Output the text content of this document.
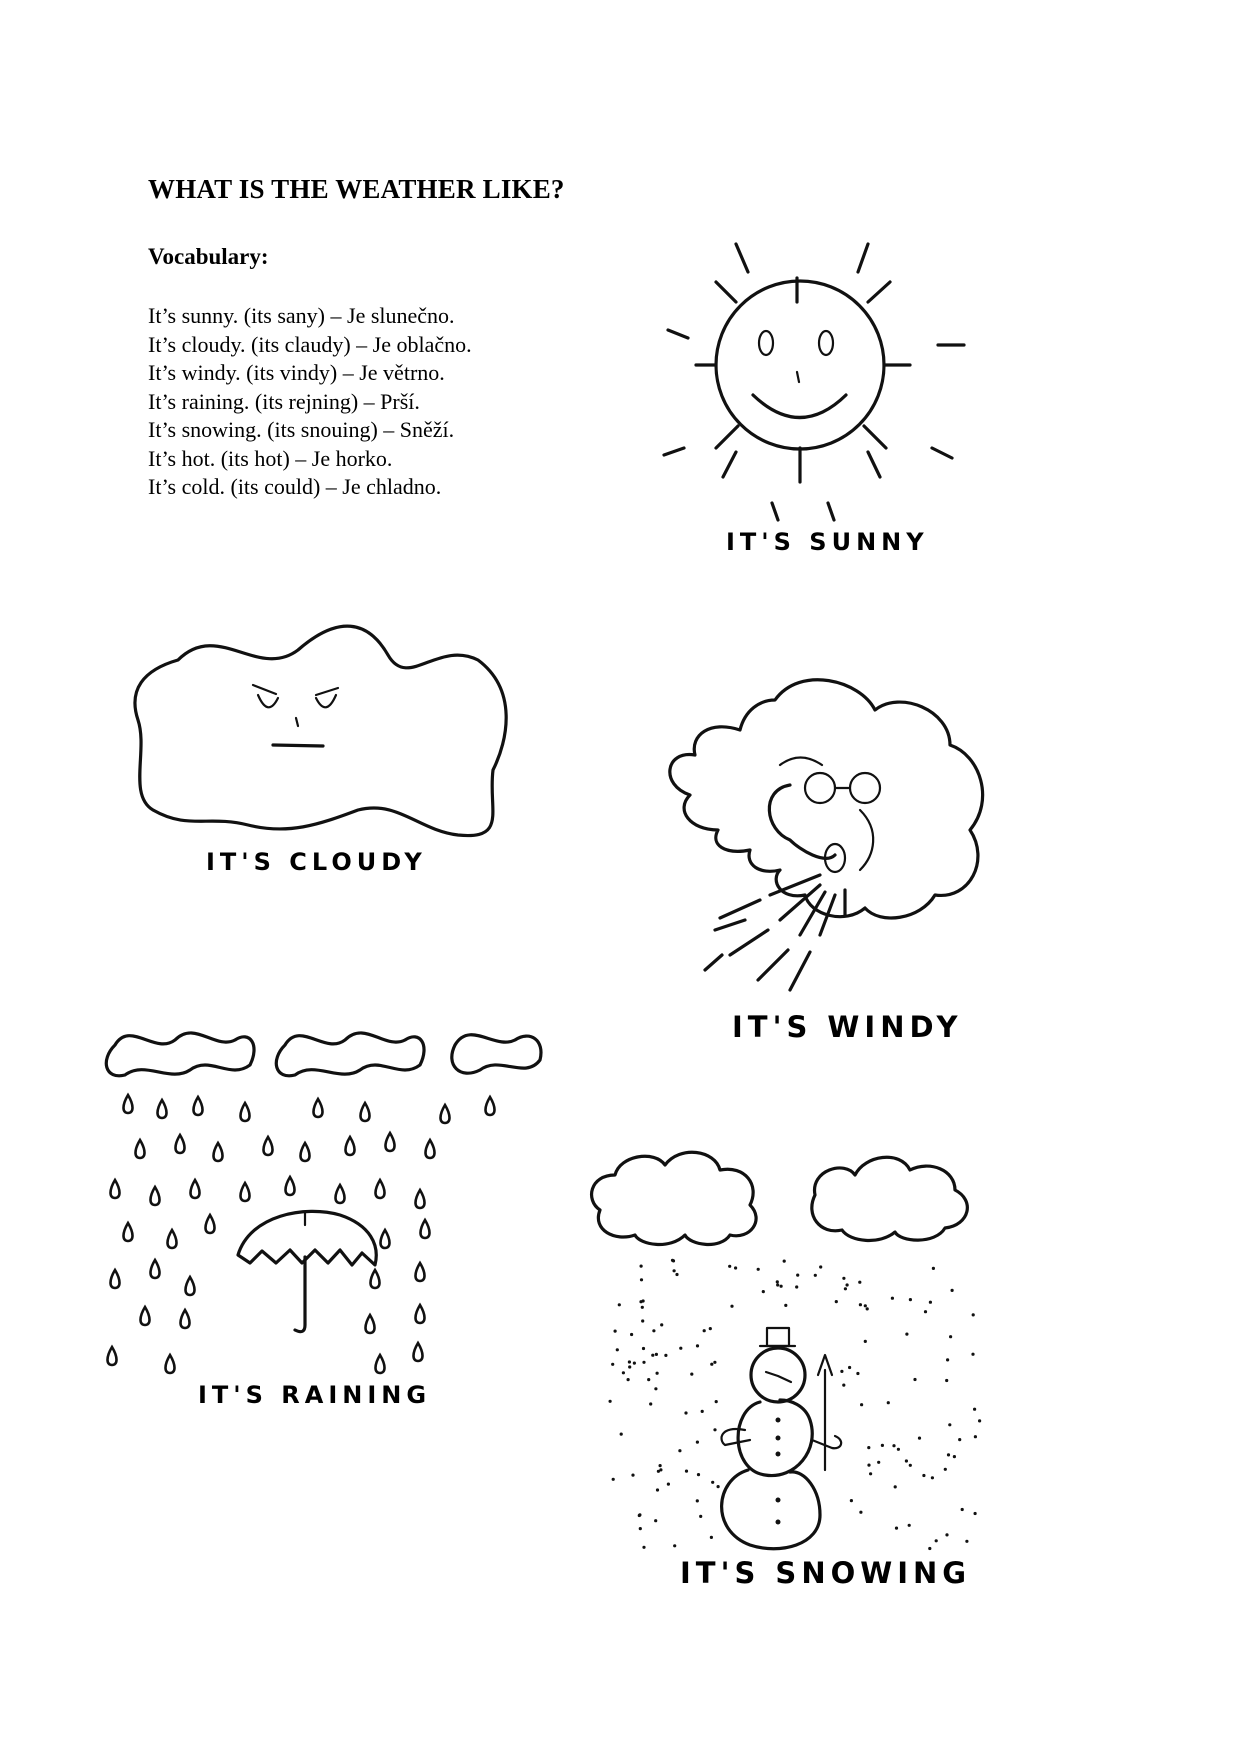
WHAT IS THE WEATHER LIKE?
Vocabulary:
It’s sunny. (its sany) – Je slunečno.
It’s cloudy. (its claudy) – Je oblačno.
It’s windy. (its vindy) – Je větrno.
It’s raining. (its rejning) – Prší.
It’s snowing. (its snouing) – Sněží.
It’s hot. (its hot) – Je horko.
It’s cold. (its could) – Je chladno.
IT'S SUNNY
IT'S CLOUDY
IT'S WINDY
IT'S RAINING
IT'S SNOWING
